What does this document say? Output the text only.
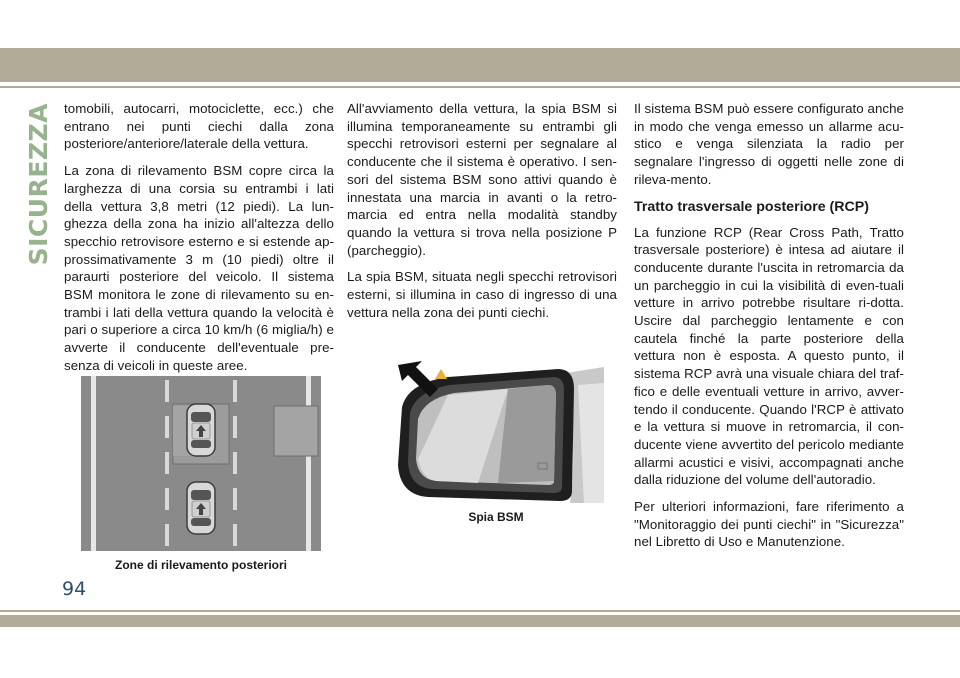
SICUREZZA tomobili, autocarri, motociclette, ecc.) che entrano nei punti ciechi dalla zona posteriore/anteriore/laterale della vettura.

La zona di rilevamento BSM copre circa la larghezza di una corsia su entrambi i lati della vettura 3,8 metri (12 piedi). La lun-ghezza della zona ha inizio all'altezza dello specchio retrovisore esterno e si estende ap-prossimativamente 3 m (10 piedi) oltre il paraurti posteriore del veicolo. Il sistema BSM monitora le zone di rilevamento su en-trambi i lati della vettura quando la velocità è pari o superiore a circa 10 km/h (6 miglia/h) e avverte il conducente dell'eventuale pre-senza di veicoli in queste aree.

Zone di rilevamento posteriori

All'avviamento della vettura, la spia BSM si illumina temporaneamente su entrambi gli specchi retrovisori esterni per segnalare al conducente che il sistema è operativo. I sen-sori del sistema BSM sono attivi quando è innestata una marcia in avanti o la retro-marcia ed entra nella modalità standby quando la vettura si trova nella posizione P (parcheggio).

La spia BSM, situata negli specchi retrovisori esterni, si illumina in caso di ingresso di una vettura nella zona dei punti ciechi.

Spia BSM

Il sistema BSM può essere configurato anche in modo che venga emesso un allarme acu-stico e venga silenziata la radio per segnalare l'ingresso di oggetti nelle zone di rileva-mento.

Tratto trasversale posteriore (RCP)

La funzione RCP (Rear Cross Path, Tratto trasversale posteriore) è intesa ad aiutare il conducente durante l'uscita in retromarcia da un parcheggio in cui la visibilità di even-tuali vetture in arrivo potrebbe risultare ri-dotta. Uscire dal parcheggio lentamente e con cautela finché la parte posteriore della vettura non è esposta. A questo punto, il sistema RCP avrà una visuale chiara del traf-fico e delle eventuali vetture in arrivo, avver-tendo il conducente. Quando l'RCP è attivato e la vettura si muove in retromarcia, il con-ducente viene avvertito del pericolo mediante allarmi acustici e visivi, accompagnati anche dalla riduzione del volume dell'autoradio.

Per ulteriori informazioni, fare riferimento a "Monitoraggio dei punti ciechi" in "Sicurezza" nel Libretto di Uso e Manutenzione.

94
